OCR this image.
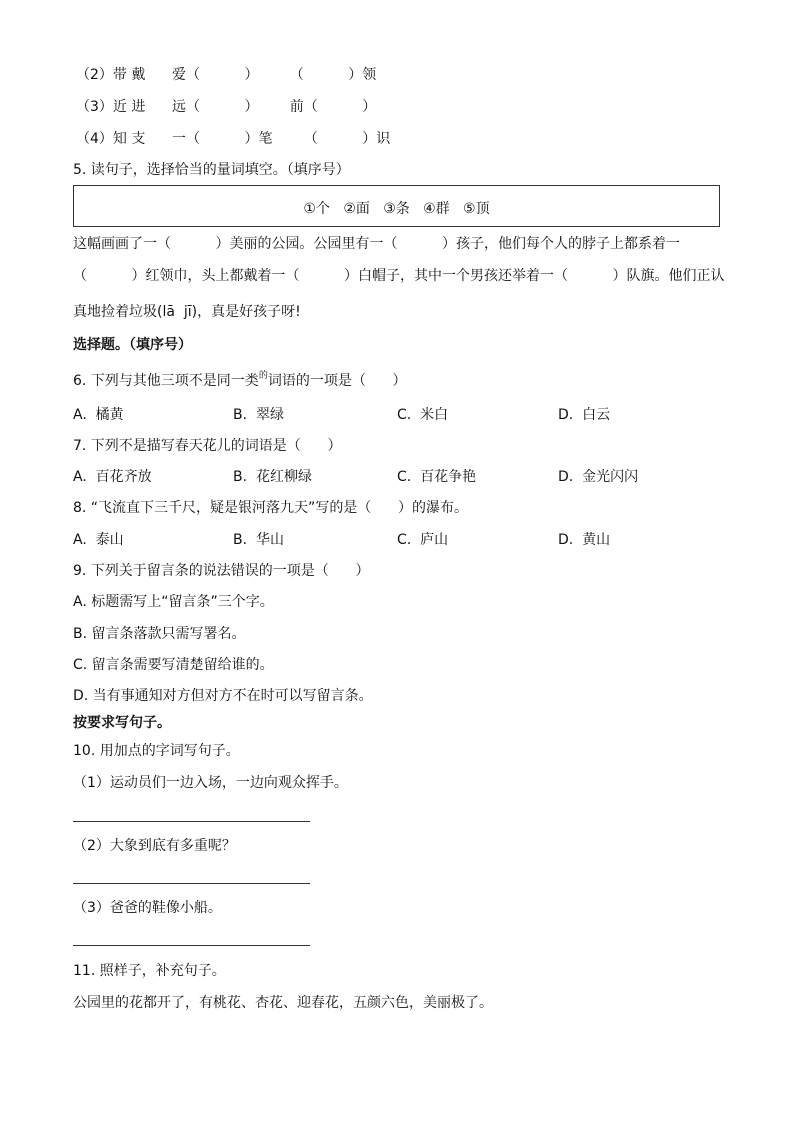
（2）带 戴      爱（          ）       （          ）领
（3）近 进      远（          ）       前（          ）
（4）知 支      一（          ）笔       （          ）识
5. 读句子，选择恰当的量词填空。（填序号）
①个   ②面   ③条   ④群   ⑤顶
这幅画画了一（          ）美丽的公园。公园里有一（          ）孩子，他们每个人的脖子上都系着一
（          ）红领巾，头上都戴着一（          ）白帽子，其中一个男孩还举着一（          ）队旗。他们正认
真地捡着垃圾(lā  jī)，真是好孩子呀!
选择题。（填序号）
6. 下列与其他三项不是同一类$^的$词语的一项是（      ）
A.  橘黄	B.  翠绿	C.  米白	D.  白云
7. 下列不是描写春天花儿的词语是（      ）
A.  百花齐放	B.  花红柳绿	C.  百花争艳	D.  金光闪闪
8. “飞流直下三千尺，疑是银河落九天”写的是（      ）的瀑布。
A.  泰山	B.  华山	C.  庐山	D.  黄山
9. 下列关于留言条的说法错误的一项是（      ）
A. 标题需写上“留言条”三个字。
B. 留言条落款只需写署名。
C. 留言条需要写清楚留给谁的。
D. 当有事通知对方但对方不在时可以写留言条。
按要求写句子。
10. 用加点的字词写句子。
（1）运动员们一边入场，一边向观众挥手。
（2）大象到底有多重呢？
（3）爸爸的鞋像小船。
11. 照样子，补充句子。
公园里的花都开了，有桃花、杏花、迎春花，五颜六色，美丽极了。
